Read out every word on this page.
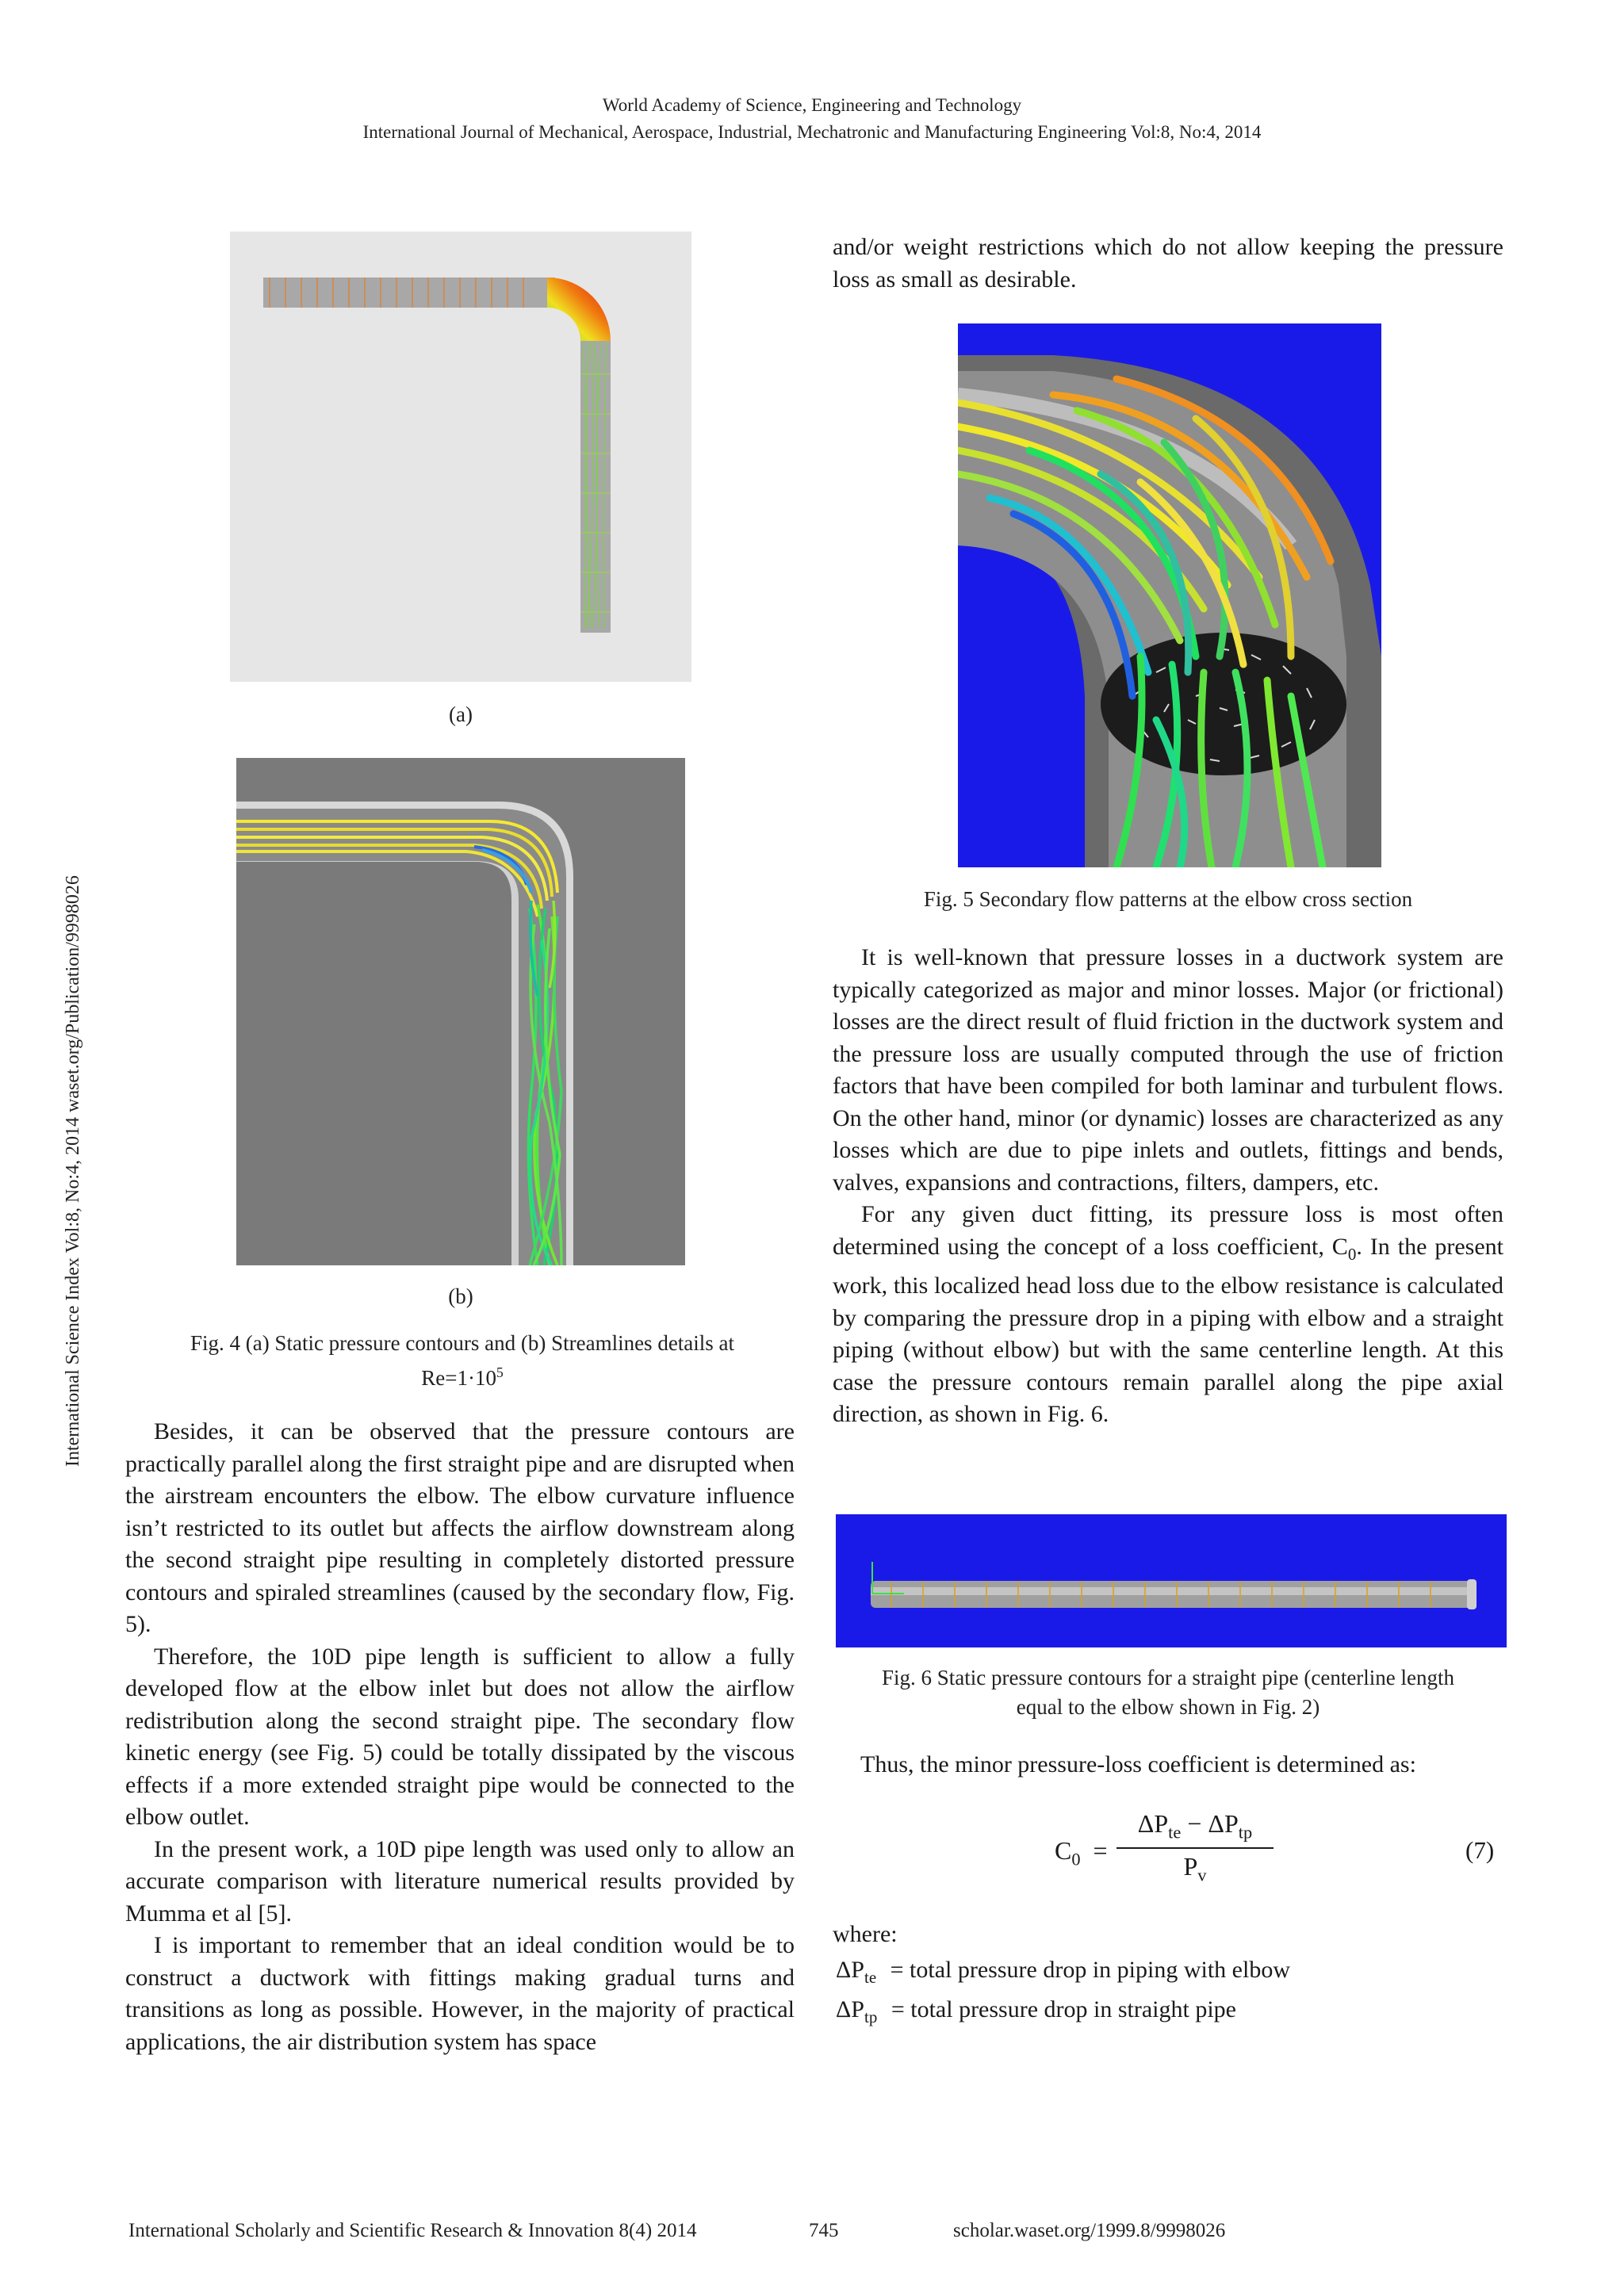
World Academy of Science, Engineering and Technology
International Journal of Mechanical, Aerospace, Industrial, Mechatronic and Manufacturing Engineering Vol:8, No:4, 2014
International Science Index Vol:8, No:4, 2014 waset.org/Publication/9998026
(a)
(b)
Fig. 4 (a) Static pressure contours and (b) Streamlines details at
$Re=1\cdot 10^5$

Besides, it can be observed that the pressure contours are practically parallel along the first straight pipe and are disrupted when the airstream encounters the elbow. The elbow curvature influence isn’t restricted to its outlet but affects the airflow downstream along the second straight pipe resulting in completely distorted pressure contours and spiraled streamlines (caused by the secondary flow, Fig. 5).

Therefore, the 10D pipe length is sufficient to allow a fully developed flow at the elbow inlet but does not allow the airflow redistribution along the second straight pipe. The secondary flow kinetic energy (see Fig. 5) could be totally dissipated by the viscous effects if a more extended straight pipe would be connected to the elbow outlet.

In the present work, a 10D pipe length was used only to allow an accurate comparison with literature numerical results provided by Mumma et al [5].

I is important to remember that an ideal condition would be to construct a ductwork with fittings making gradual turns and transitions as long as possible. However, in the majority of practical applications, the air distribution system has space

and/or weight restrictions which do not allow keeping the pressure loss as small as desirable.

Fig. 5 Secondary flow patterns at the elbow cross section

It is well-known that pressure losses in a ductwork system are typically categorized as major and minor losses. Major (or frictional) losses are the direct result of fluid friction in the ductwork system and the pressure loss are usually computed through the use of friction factors that have been compiled for both laminar and turbulent flows. On the other hand, minor (or dynamic) losses are characterized as any losses which are due to pipe inlets and outlets, fittings and bends, valves, expansions and contractions, filters, dampers, etc.

For any given duct fitting, its pressure loss is most often determined using the concept of a loss coefficient, $C_0$. In the present work, this localized head loss due to the elbow resistance is calculated by comparing the pressure drop in a piping with elbow and a straight piping (without elbow) but with the same centerline length. At this case the pressure contours remain parallel along the pipe axial direction, as shown in Fig. 6.

Fig. 6 Static pressure contours for a straight pipe (centerline length
equal to the elbow shown in Fig. 2)
Thus, the minor pressure-loss coefficient is determined as:
$C_0$ =
$\Delta P_{te} - \Delta P_{tp}$
$P_v$
(7)
where:
$\Delta P_{te}$ = total pressure drop in piping with elbow
$\Delta P_{tp}$ = total pressure drop in straight pipe
International Scholarly and Scientific Research & Innovation 8(4) 2014	745	scholar.waset.org/1999.8/9998026
